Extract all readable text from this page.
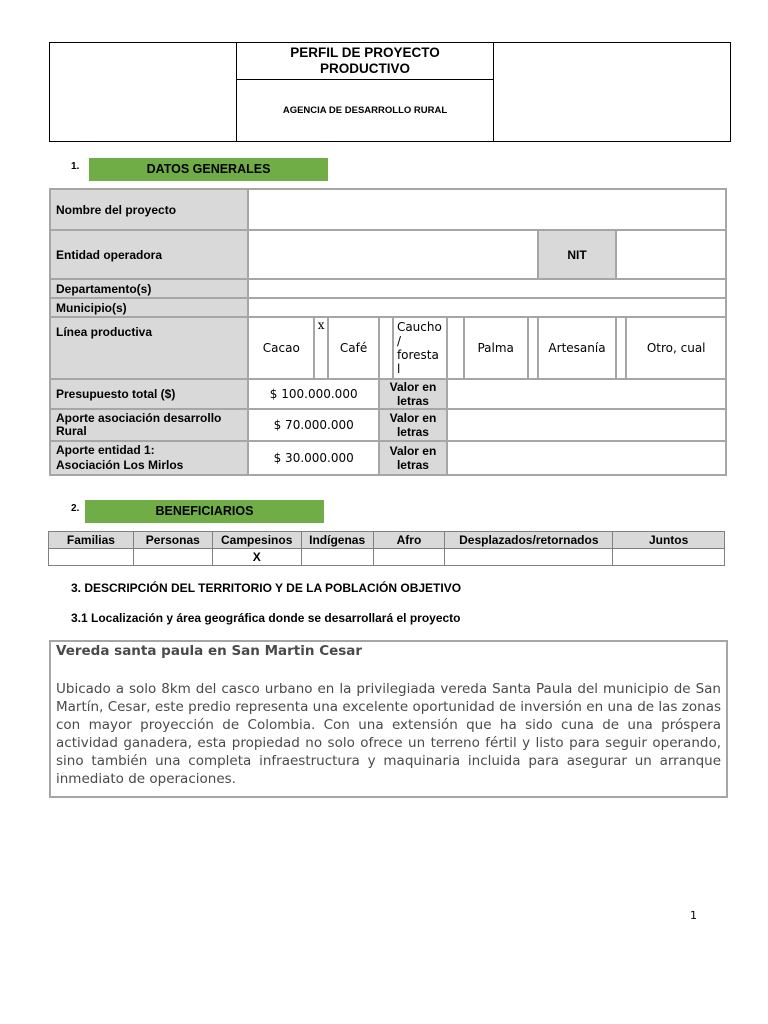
PERFIL DE PROYECTO
PRODUCTIVO

AGENCIA DE DESARROLLO RURAL
1.	DATOS GENERALES
Nombre del proyecto											
Entidad operadora									NIT		
Departamento(s)											
Municipio(s)											
Línea productiva	Cacao	x	Café		Caucho / foresta l		Palma		Artesanía		Otro, cual
Presupuesto total ($)	$ 100.000.000			Valor en letras							
Aporte asociación desarrollo Rural	$ 70.000.000			Valor en letras							

Aporte entidad 1:
Asociación Los Mirlos	$ 30.000.000			Valor en letras							
2.	BENEFICIARIOS
Familias	Personas	Campesinos	Indígenas	Afro	Desplazados/retornados	Juntos
		X				
3. DESCRIPCIÓN DEL TERRITORIO Y DE LA POBLACIÓN OBJETIVO
3.1 Localización y área geográfica donde se desarrollará el proyecto

Vereda santa paula en San Martin Cesar

Ubicado a solo 8km del casco urbano en la privilegiada vereda Santa Paula del municipio de San Martín, Cesar, este predio representa una excelente oportunidad de inversión en una de las zonas con mayor proyección de Colombia. Con una extensión que ha sido cuna de una próspera actividad ganadera, esta propiedad no solo ofrece un terreno fértil y listo para seguir operando, sino también una completa infraestructura y maquinaria incluida para asegurar un arranque inmediato de operaciones.

1
